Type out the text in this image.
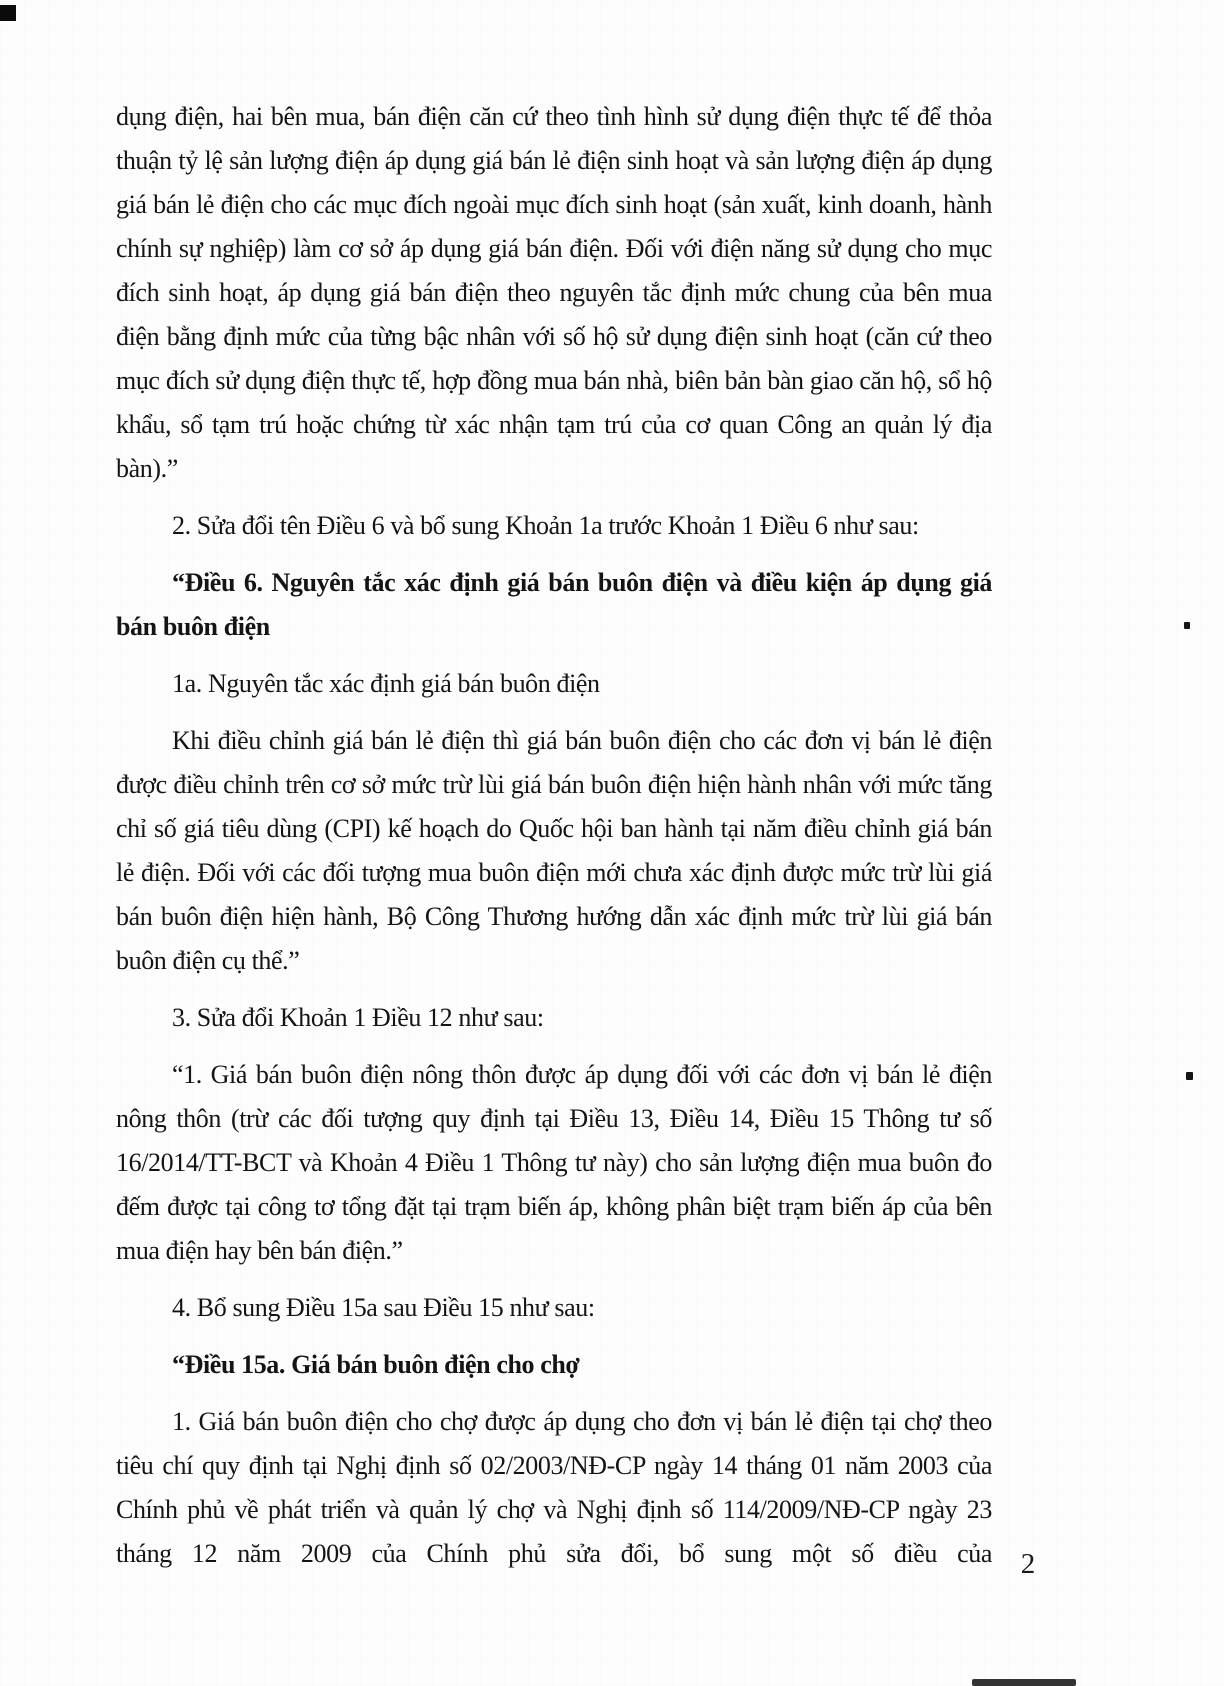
dụng điện, hai bên mua, bán điện căn cứ theo tình hình sử dụng điện thực tế để thỏa thuận tỷ lệ sản lượng điện áp dụng giá bán lẻ điện sinh hoạt và sản lượng điện áp dụng giá bán lẻ điện cho các mục đích ngoài mục đích sinh hoạt (sản xuất, kinh doanh, hành chính sự nghiệp) làm cơ sở áp dụng giá bán điện. Đối với điện năng sử dụng cho mục đích sinh hoạt, áp dụng giá bán điện theo nguyên tắc định mức chung của bên mua điện bằng định mức của từng bậc nhân với số hộ sử dụng điện sinh hoạt (căn cứ theo mục đích sử dụng điện thực tế, hợp đồng mua bán nhà, biên bản bàn giao căn hộ, sổ hộ khẩu, sổ tạm trú hoặc chứng từ xác nhận tạm trú của cơ quan Công an quản lý địa bàn).”

2. Sửa đổi tên Điều 6 và bổ sung Khoản 1a trước Khoản 1 Điều 6 như sau:

“Điều 6. Nguyên tắc xác định giá bán buôn điện và điều kiện áp dụng giá bán buôn điện

1a. Nguyên tắc xác định giá bán buôn điện

Khi điều chỉnh giá bán lẻ điện thì giá bán buôn điện cho các đơn vị bán lẻ điện được điều chỉnh trên cơ sở mức trừ lùi giá bán buôn điện hiện hành nhân với mức tăng chỉ số giá tiêu dùng (CPI) kế hoạch do Quốc hội ban hành tại năm điều chỉnh giá bán lẻ điện. Đối với các đối tượng mua buôn điện mới chưa xác định được mức trừ lùi giá bán buôn điện hiện hành, Bộ Công Thương hướng dẫn xác định mức trừ lùi giá bán buôn điện cụ thể.”

3. Sửa đổi Khoản 1 Điều 12 như sau:

“1. Giá bán buôn điện nông thôn được áp dụng đối với các đơn vị bán lẻ điện nông thôn (trừ các đối tượng quy định tại Điều 13, Điều 14, Điều 15 Thông tư số 16/2014/TT-BCT và Khoản 4 Điều 1 Thông tư này) cho sản lượng điện mua buôn đo đếm được tại công tơ tổng đặt tại trạm biến áp, không phân biệt trạm biến áp của bên mua điện hay bên bán điện.”

4. Bổ sung Điều 15a sau Điều 15 như sau:

“Điều 15a. Giá bán buôn điện cho chợ

1. Giá bán buôn điện cho chợ được áp dụng cho đơn vị bán lẻ điện tại chợ theo tiêu chí quy định tại Nghị định số 02/2003/NĐ-CP ngày 14 tháng 01 năm 2003 của Chính phủ về phát triển và quản lý chợ và Nghị định số 114/2009/NĐ-CP ngày 23 tháng 12 năm 2009 của Chính phủ sửa đổi, bổ sung một số điều của 2
